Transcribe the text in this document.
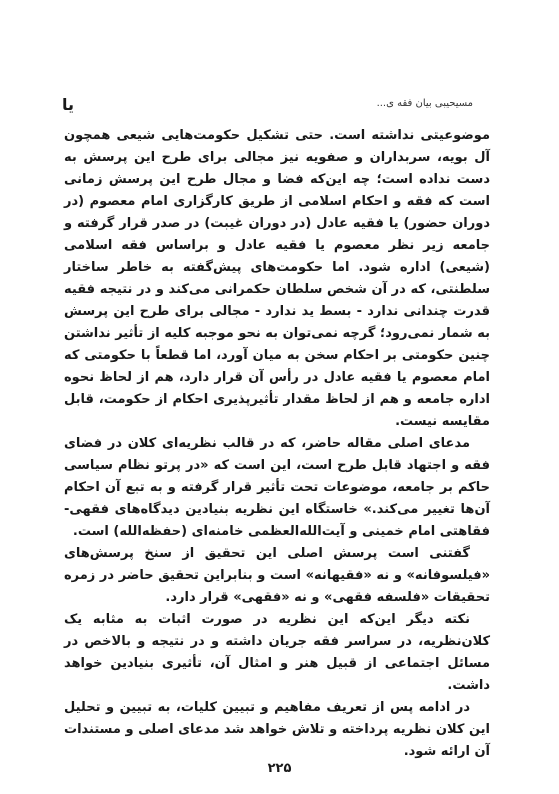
مسیحیبی بیان فقه ی...
یا

موضوعیتی نداشته است. حتی تشکیل حکومت‌هایی شیعی همچون آل بویه، سربداران و صفویه نیز مجالی برای طرح این پرسش به دست نداده است؛ چه این‌که فضا و مجال طرح این پرسش زمانی است که فقه و احکام اسلامی از طریق کارگزاری امام معصوم (در دوران حضور) یا فقیه عادل (در دوران غیبت) در صدر قرار گرفته و جامعه زیر نظر معصوم یا فقیه عادل و براساس فقه اسلامی (شیعی) اداره شود. اما حکومت‌های پیش‌گفته به خاطر ساختار سلطنتی، که در آن شخص سلطان حکمرانی می‌کند و در نتیجه فقیه قدرت چندانی ندارد - بسط ید ندارد - مجالی برای طرح این پرسش به شمار نمی‌رود؛ گرچه نمی‌توان به نحو موجبه کلیه از تأثیر نداشتن چنین حکومتی بر احکام سخن به میان آورد، اما قطعاً با حکومتی که امام معصوم یا فقیه عادل در رأس آن قرار دارد، هم از لحاظ نحوه اداره جامعه و هم از لحاظ مقدار تأثیرپذیری احکام از حکومت، قابل مقایسه نیست.

مدعای اصلی مقاله حاضر، که در قالب نظریه‌ای کلان در فضای فقه و اجتهاد قابل طرح است، این است که «در پرتو نظام سیاسی حاکم بر جامعه، موضوعات تحت تأثیر قرار گرفته و به تبع آن احکام آن‌ها تغییر می‌کند.» خاستگاه این نظریه بنیادین دیدگاه‌های فقهی- فقاهتی امام خمینی و آیت‌الله‌العظمی خامنه‌ای (حفظه‌الله) است.

گفتنی است پرسش اصلی این تحقیق از سنخ پرسش‌های «فیلسوفانه» و نه «فقیهانه» است و بنابراین تحقیق حاضر در زمره تحقیقات «فلسفه فقهی» و نه «فقهی» قرار دارد.

نکته دیگر این‌که این نظریه در صورت اثبات به مثابه یک کلان‌نظریه، در سراسر فقه جریان داشته و در نتیجه و بالاخص در مسائل اجتماعی از قبیل هنر و امثال آن، تأثیری بنیادین خواهد داشت.

در ادامه پس از تعریف مفاهیم و تبیین کلیات، به تبیین و تحلیل این کلان نظریه پرداخته و تلاش خواهد شد مدعای اصلی و مستندات آن ارائه شود.

۲۲۵
